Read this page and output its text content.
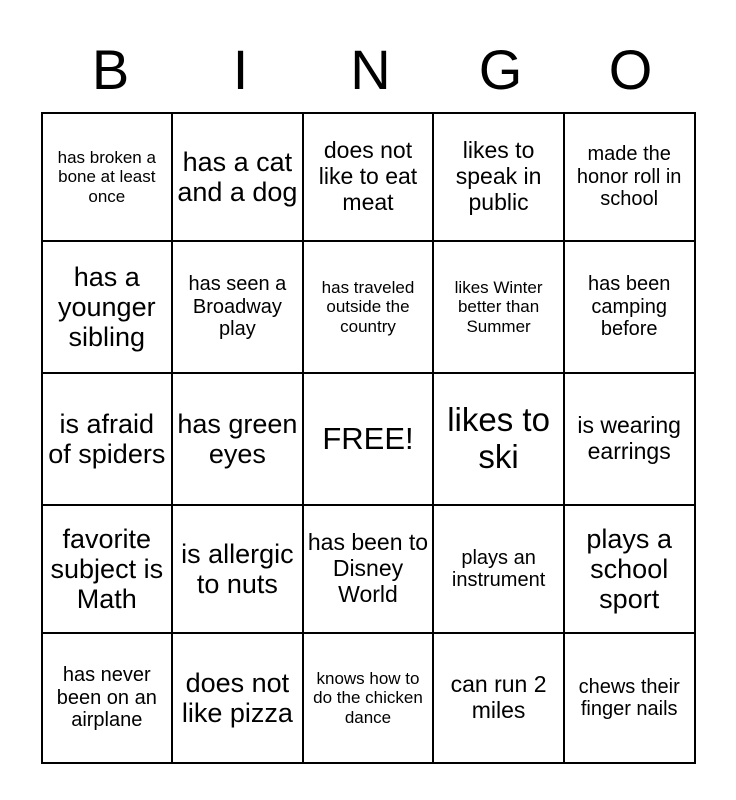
B	I	N	G	O
has broken a bone at least once	has a cat and a dog	does not like to eat meat	likes to speak in public	made the honor roll in school
has a younger sibling	has seen a Broadway play	has traveled outside the country	likes Winter better than Summer	has been camping before
is afraid of spiders	has green eyes	FREE!	likes to ski	is wearing earrings
favorite subject is Math	is allergic to nuts	has been to Disney World	plays an instrument	plays a school sport
has never been on an airplane	does not like pizza	knows how to do the chicken dance	can run 2 miles	chews their finger nails
